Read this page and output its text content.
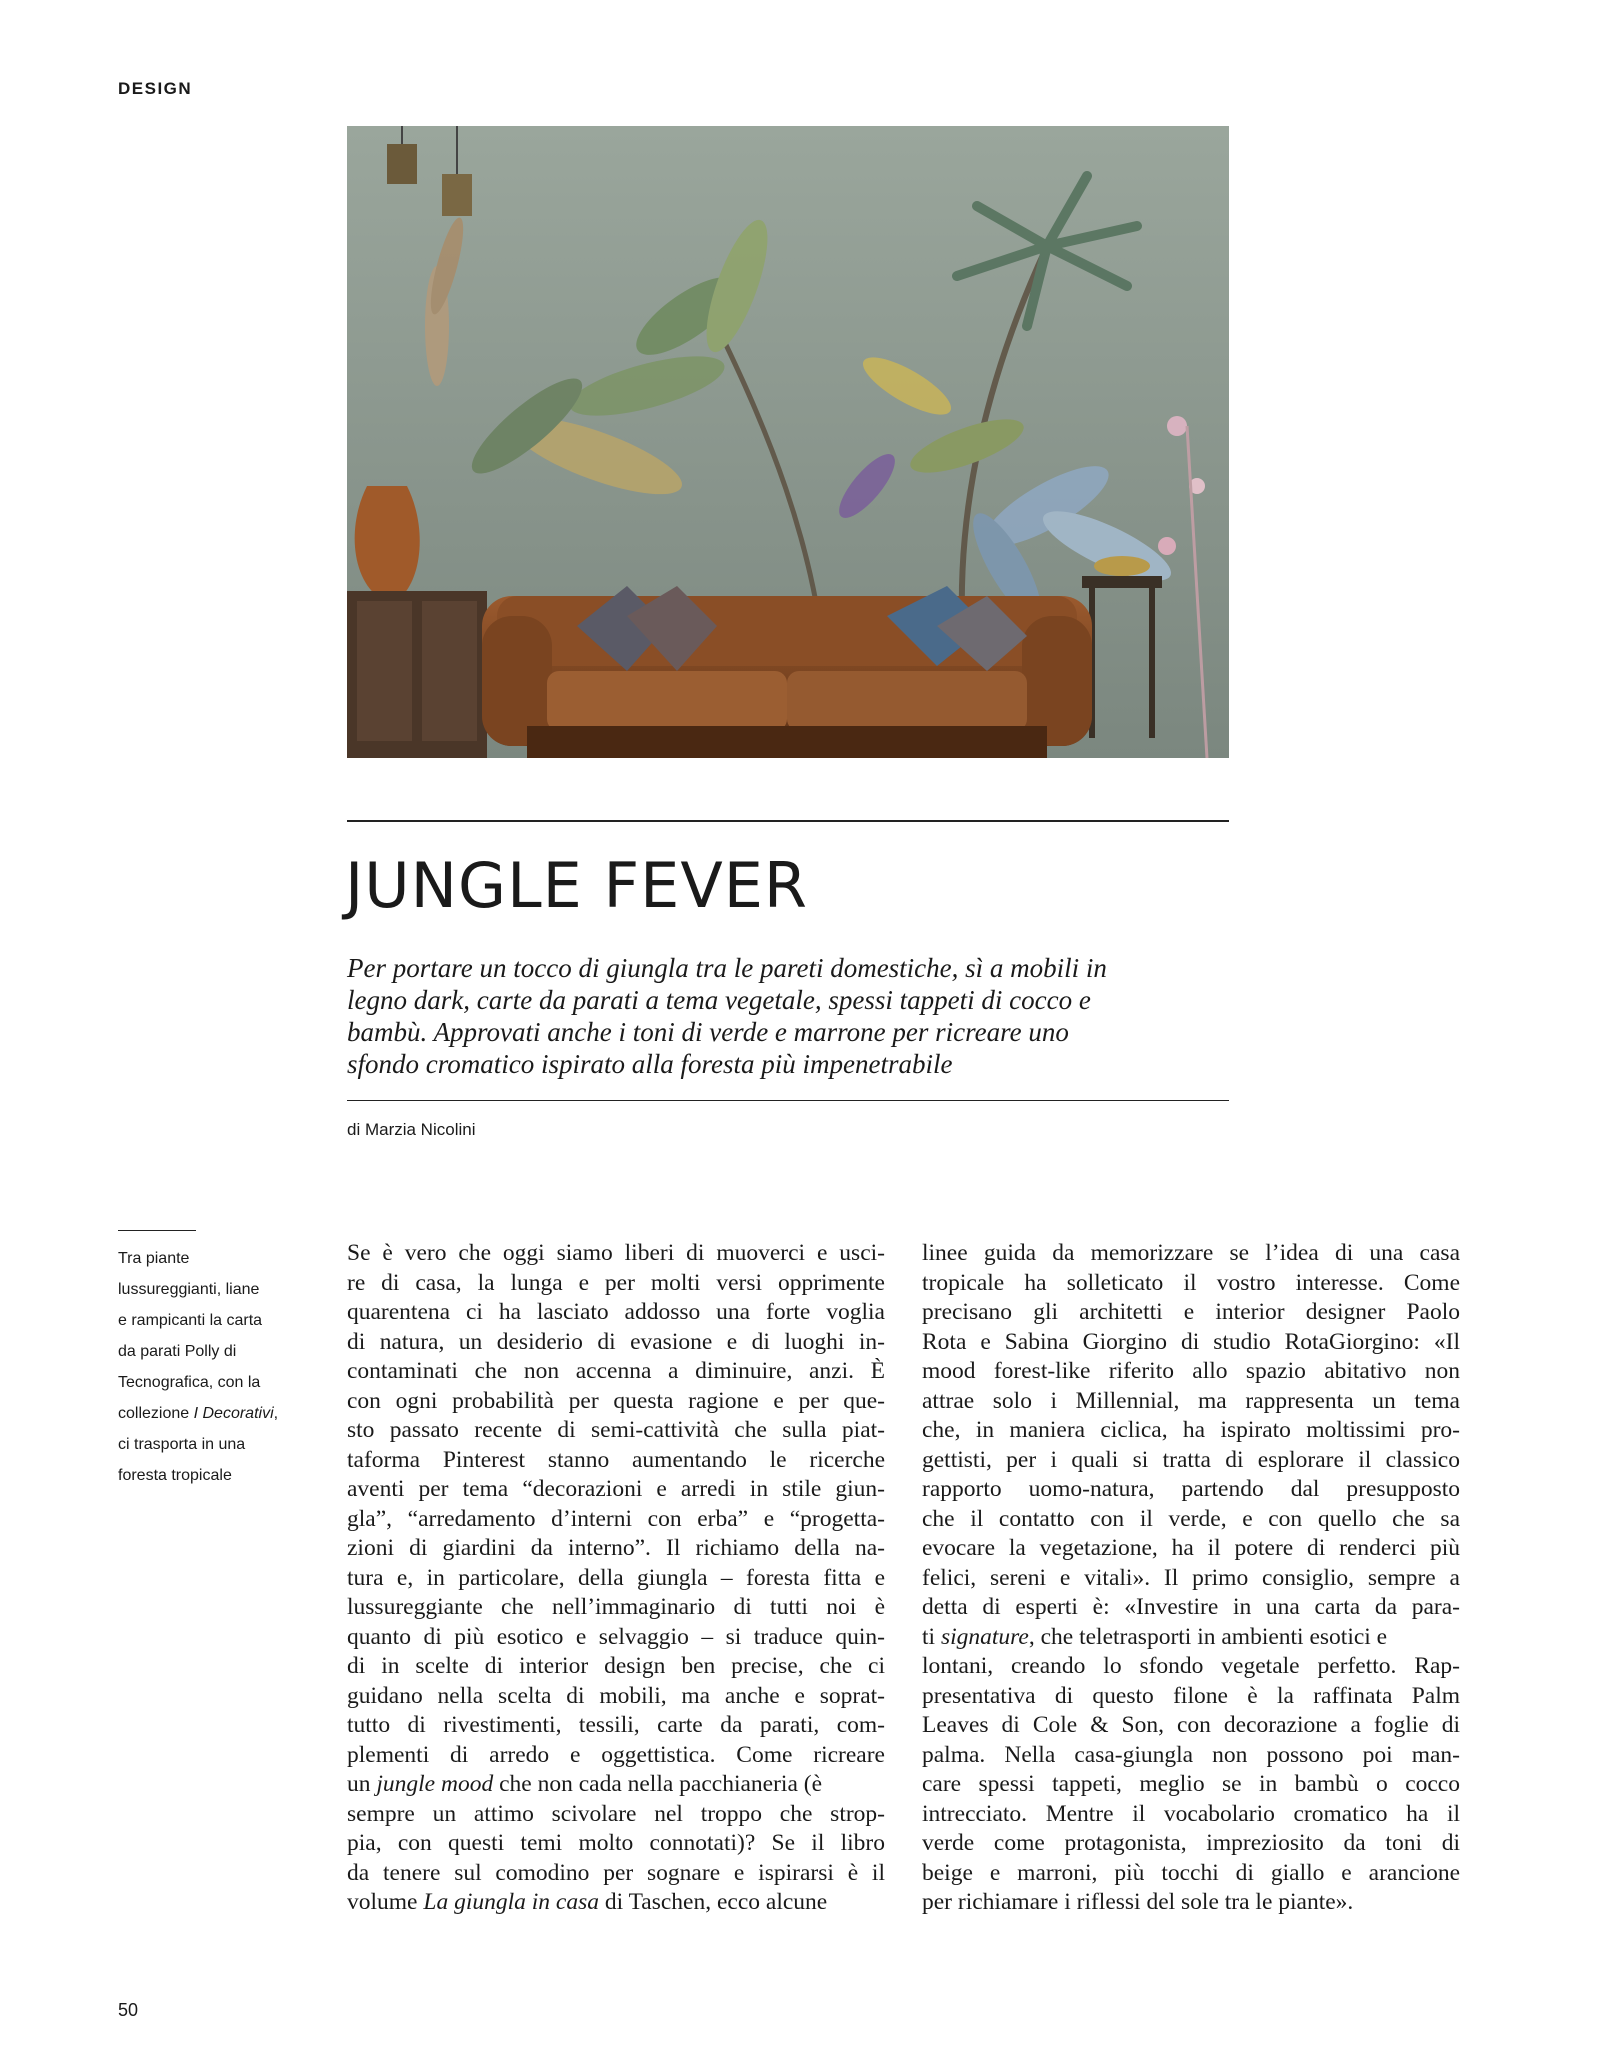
DESIGN
JUNGLE FEVER

Per portare un tocco di giungla tra le pareti domestiche, sì a mobili in
legno dark, carte da parati a tema vegetale, spessi tappeti di cocco e
bambù. Approvati anche i toni di verde e marrone per ricreare uno
sfondo cromatico ispirato alla foresta più impenetrabile

di Marzia Nicolini
Tra piante
lussureggianti, liane
e rampicanti la carta
da parati Polly di
Tecnografica, con la
collezione I Decorativi,
ci trasporta in una
foresta tropicale
Se è vero che oggi siamo liberi di muoverci e usci-
re di casa, la lunga e per molti versi opprimente
quarentena ci ha lasciato addosso una forte voglia
di natura, un desiderio di evasione e di luoghi in-
contaminati che non accenna a diminuire, anzi. È
con ogni probabilità per questa ragione e per que-
sto passato recente di semi-cattività che sulla piat-
taforma Pinterest stanno aumentando le ricerche
aventi per tema “decorazioni e arredi in stile giun-
gla”, “arredamento d’interni con erba” e “progetta-
zioni di giardini da interno”. Il richiamo della na-
tura e, in particolare, della giungla – foresta fitta e
lussureggiante che nell’immaginario di tutti noi è
quanto di più esotico e selvaggio – si traduce quin-
di in scelte di interior design ben precise, che ci
guidano nella scelta di mobili, ma anche e soprat-
tutto di rivestimenti, tessili, carte da parati, com-
plementi di arredo e oggettistica. Come ricreare
un jungle mood che non cada nella pacchianeria (è
sempre un attimo scivolare nel troppo che strop-
pia, con questi temi molto connotati)? Se il libro
da tenere sul comodino per sognare e ispirarsi è il
volume La giungla in casa di Taschen, ecco alcune
linee guida da memorizzare se l’idea di una casa
tropicale ha solleticato il vostro interesse. Come
precisano gli architetti e interior designer Paolo
Rota e Sabina Giorgino di studio RotaGiorgino: «Il
mood forest-like riferito allo spazio abitativo non
attrae solo i Millennial, ma rappresenta un tema
che, in maniera ciclica, ha ispirato moltissimi pro-
gettisti, per i quali si tratta di esplorare il classico
rapporto uomo-natura, partendo dal presupposto
che il contatto con il verde, e con quello che sa
evocare la vegetazione, ha il potere di renderci più
felici, sereni e vitali». Il primo consiglio, sempre a
detta di esperti è: «Investire in una carta da para-
ti signature, che teletrasporti in ambienti esotici e
lontani, creando lo sfondo vegetale perfetto. Rap-
presentativa di questo filone è la raffinata Palm
Leaves di Cole & Son, con decorazione a foglie di
palma. Nella casa-giungla non possono poi man-
care spessi tappeti, meglio se in bambù o cocco
intrecciato. Mentre il vocabolario cromatico ha il
verde come protagonista, impreziosito da toni di
beige e marroni, più tocchi di giallo e arancione
per richiamare i riflessi del sole tra le piante».
50
